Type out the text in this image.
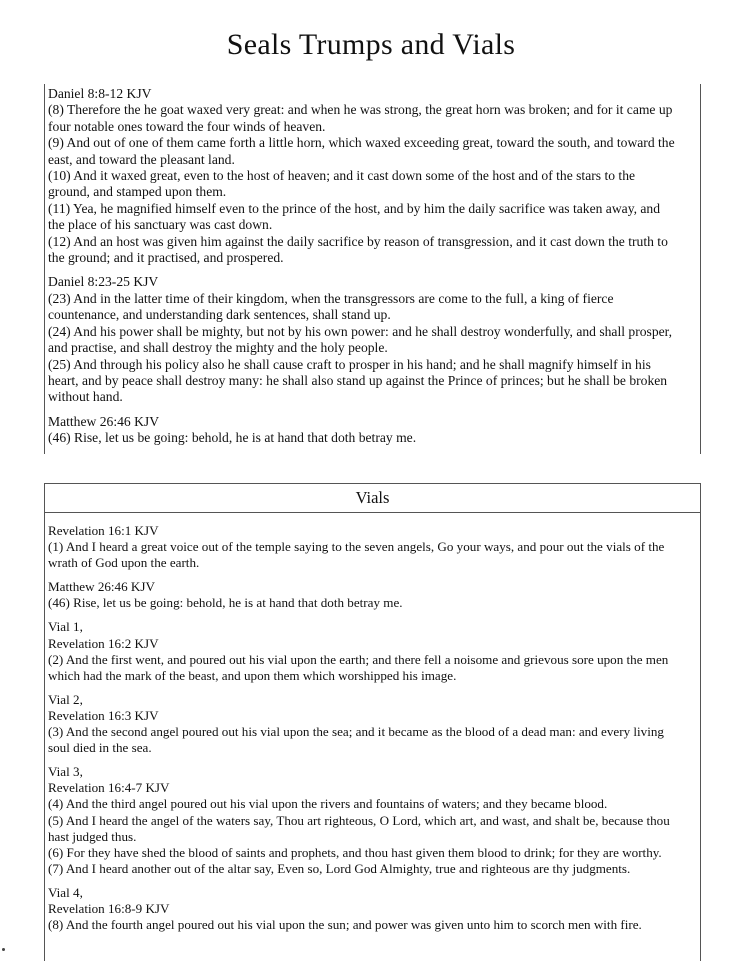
Seals Trumps and Vials
Daniel 8:8-12 KJV
(8) Therefore the he goat waxed very great: and when he was strong, the great horn was broken; and for it came up
four notable ones toward the four winds of heaven.
(9) And out of one of them came forth a little horn, which waxed exceeding great, toward the south, and toward the
east, and toward the pleasant land.
(10) And it waxed great, even to the host of heaven; and it cast down some of the host and of the stars to the
ground, and stamped upon them.
(11) Yea, he magnified himself even to the prince of the host, and by him the daily sacrifice was taken away, and
the place of his sanctuary was cast down.
(12) And an host was given him against the daily sacrifice by reason of transgression, and it cast down the truth to
the ground; and it practised, and prospered.
Daniel 8:23-25 KJV
(23) And in the latter time of their kingdom, when the transgressors are come to the full, a king of fierce
countenance, and understanding dark sentences, shall stand up.
(24) And his power shall be mighty, but not by his own power: and he shall destroy wonderfully, and shall prosper,
and practise, and shall destroy the mighty and the holy people.
(25) And through his policy also he shall cause craft to prosper in his hand; and he shall magnify himself in his
heart, and by peace shall destroy many: he shall also stand up against the Prince of princes; but he shall be broken
without hand.
Matthew 26:46 KJV
(46) Rise, let us be going: behold, he is at hand that doth betray me.
Vials
Revelation 16:1 KJV
(1) And I heard a great voice out of the temple saying to the seven angels, Go your ways, and pour out the vials of the
wrath of God upon the earth.
Matthew 26:46 KJV
(46) Rise, let us be going: behold, he is at hand that doth betray me.
Vial 1,
Revelation 16:2 KJV
(2) And the first went, and poured out his vial upon the earth; and there fell a noisome and grievous sore upon the men
which had the mark of the beast, and upon them which worshipped his image.
Vial 2,
Revelation 16:3 KJV
(3) And the second angel poured out his vial upon the sea; and it became as the blood of a dead man: and every living
soul died in the sea.
Vial 3,
Revelation 16:4-7 KJV
(4) And the third angel poured out his vial upon the rivers and fountains of waters; and they became blood.
(5) And I heard the angel of the waters say, Thou art righteous, O Lord, which art, and wast, and shalt be, because thou
hast judged thus.
(6) For they have shed the blood of saints and prophets, and thou hast given them blood to drink; for they are worthy.
(7) And I heard another out of the altar say, Even so, Lord God Almighty, true and righteous are thy judgments.
Vial 4,
Revelation 16:8-9 KJV
(8) And the fourth angel poured out his vial upon the sun; and power was given unto him to scorch men with fire.
